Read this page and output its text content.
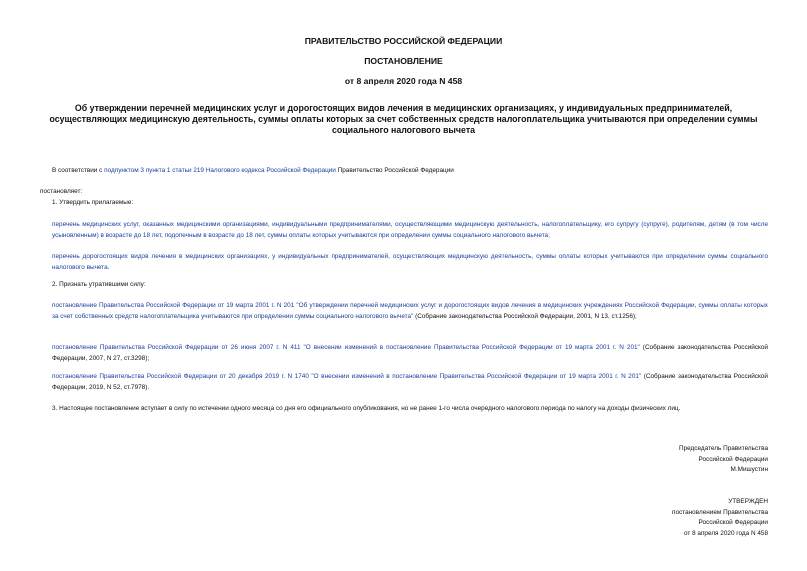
ПРАВИТЕЛЬСТВО РОССИЙСКОЙ ФЕДЕРАЦИИ
ПОСТАНОВЛЕНИЕ
от 8 апреля 2020 года N 458
Об утверждении перечней медицинских услуг и дорогостоящих видов лечения в медицинских организациях, у индивидуальных предпринимателей, осуществляющих медицинскую деятельность, суммы оплаты которых за счет собственных средств налогоплательщика учитываются при определении суммы социального налогового вычета
В соответствии с подпунктом 3 пункта 1 статьи 219 Налогового кодекса Российской Федерации Правительство Российской Федерации
постановляет:
1. Утвердить прилагаемые:
перечень медицинских услуг, оказанных медицинскими организациями, индивидуальными предпринимателями, осуществляющими медицинскую деятельность, налогоплательщику, его супругу (супруге), родителям, детям (в том числе усыновленным) в возрасте до 18 лет, подопечным в возрасте до 18 лет, суммы оплаты которых учитываются при определении суммы социального налогового вычета;
перечень дорогостоящих видов лечения в медицинских организациях, у индивидуальных предпринимателей, осуществляющих медицинскую деятельность, суммы оплаты которых учитываются при определении суммы социального налогового вычета.
2. Признать утратившими силу:
постановление Правительства Российской Федерации от 19 марта 2001 г. N 201 "Об утверждении перечней медицинских услуг и дорогостоящих видов лечения в медицинских учреждениях Российской Федерации, суммы оплаты которых за счет собственных средств налогоплательщика учитываются при определении суммы социального налогового вычета" (Собрание законодательства Российской Федерации, 2001, N 13, ст.1256);
постановление Правительства Российской Федерации от 26 июня 2007 г. N 411 "О внесении изменений в постановление Правительства Российской Федерации от 19 марта 2001 г. N 201" (Собрание законодательства Российской Федерации, 2007, N 27, ст.3298);
постановление Правительства Российской Федерации от 20 декабря 2019 г. N 1740 "О внесении изменений в постановление Правительства Российской Федерации от 19 марта 2001 г. N 201" (Собрание законодательства Российской Федерации, 2019, N 52, ст.7978).
3. Настоящее постановление вступает в силу по истечении одного месяца со дня его официального опубликования, но не ранее 1-го числа очередного налогового периода по налогу на доходы физических лиц.
Председатель Правительства
Российской Федерации
М.Мишустин
УТВЕРЖДЕН
постановлением Правительства
Российской Федерации
от 8 апреля 2020 года N 458
